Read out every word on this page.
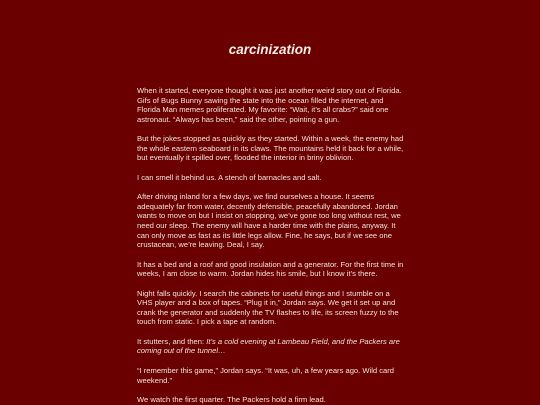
carcinization

When it started, everyone thought it was just another weird story out of Florida. Gifs of Bugs Bunny sawing the state into the ocean filled the internet, and Florida Man memes proliferated. My favorite: “Wait, it’s all crabs?” said one astronaut. “Always has been,” said the other, pointing a gun.

But the jokes stopped as quickly as they started. Within a week, the enemy had the whole eastern seaboard in its claws. The mountains held it back for a while, but eventually it spilled over, flooded the interior in briny oblivion.

I can smell it behind us. A stench of barnacles and salt.

After driving inland for a few days, we find ourselves a house. It seems adequately far from water, decently defensible, peacefully abandoned. Jordan wants to move on but I insist on stopping, we’ve gone too long without rest, we need our sleep. The enemy will have a harder time with the plains, anyway. It can only move as fast as its little legs allow. Fine, he says, but if we see one crustacean, we’re leaving. Deal, I say.

It has a bed and a roof and good insulation and a generator. For the first time in weeks, I am close to warm. Jordan hides his smile, but I know it’s there.

Night falls quickly. I search the cabinets for useful things and I stumble on a VHS player and a box of tapes. “Plug it in,” Jordan says. We get it set up and crank the generator and suddenly the TV flashes to life, its screen fuzzy to the touch from static. I pick a tape at random.

It stutters, and then: It’s a cold evening at Lambeau Field, and the Packers are coming out of the tunnel…

“I remember this game,” Jordan says. “It was, uh, a few years ago. Wild card weekend.”

We watch the first quarter. The Packers hold a firm lead.
